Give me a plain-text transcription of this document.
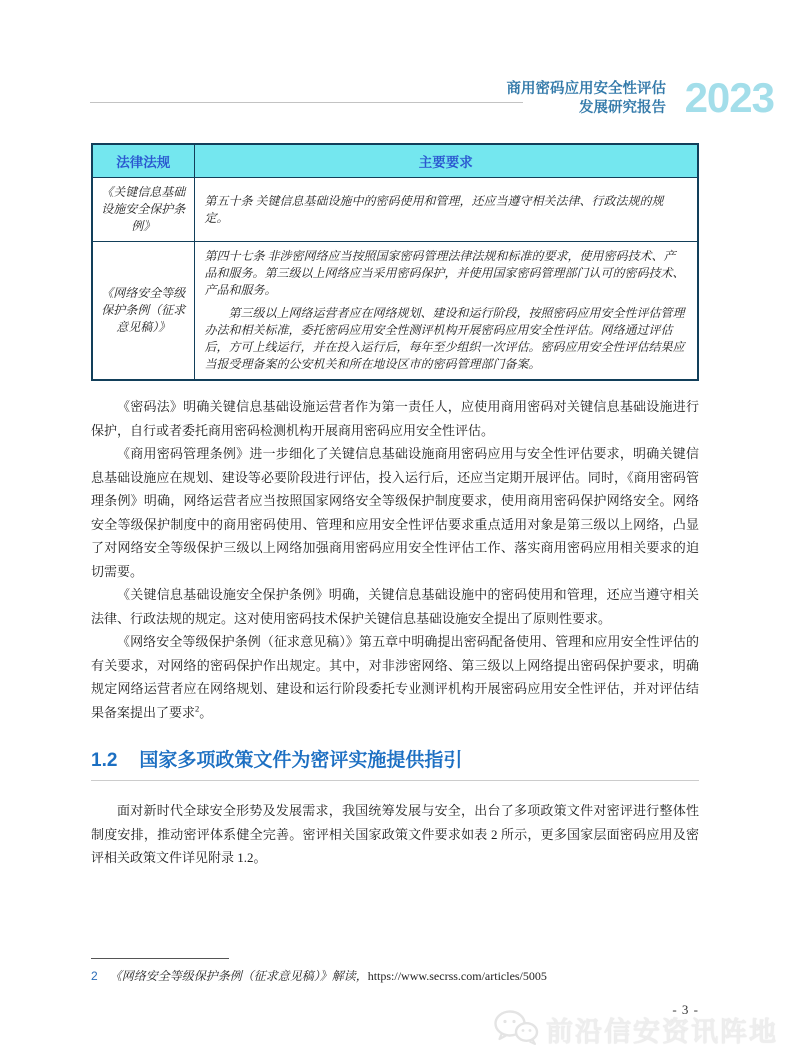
商用密码应用安全性评估
发展研究报告 2023
法律法规	主要要求
《关键信息基础设施安全保护条例》	第五十条 关键信息基础设施中的密码使用和管理，还应当遵守相关法律、行政法规的规定。

《网络安全等级保护条例（征求意见稿）》	第四十七条 非涉密网络应当按照国家密码管理法律法规和标准的要求，使用密码技术、产品和服务。第三级以上网络应当采用密码保护，并使用国家密码管理部门认可的密码技术、产品和服务。

第三级以上网络运营者应在网络规划、建设和运行阶段，按照密码应用安全性评估管理办法和相关标准，委托密码应用安全性测评机构开展密码应用安全性评估。网络通过评估后，方可上线运行，并在投入运行后，每年至少组织一次评估。密码应用安全性评估结果应当报受理备案的公安机关和所在地设区市的密码管理部门备案。

《密码法》明确关键信息基础设施运营者作为第一责任人，应使用商用密码对关键信息基础设施进行保护，自行或者委托商用密码检测机构开展商用密码应用安全性评估。

《商用密码管理条例》进一步细化了关键信息基础设施商用密码应用与安全性评估要求，明确关键信息基础设施应在规划、建设等必要阶段进行评估，投入运行后，还应当定期开展评估。同时，《商用密码管理条例》明确，网络运营者应当按照国家网络安全等级保护制度要求，使用商用密码保护网络安全。网络安全等级保护制度中的商用密码使用、管理和应用安全性评估要求重点适用对象是第三级以上网络，凸显了对网络安全等级保护三级以上网络加强商用密码应用安全性评估工作、落实商用密码应用相关要求的迫切需要。

《关键信息基础设施安全保护条例》明确，关键信息基础设施中的密码使用和管理，还应当遵守相关法律、行政法规的规定。这对使用密码技术保护关键信息基础设施安全提出了原则性要求。

《网络安全等级保护条例（征求意见稿）》第五章中明确提出密码配备使用、管理和应用安全性评估的有关要求，对网络的密码保护作出规定。其中，对非涉密网络、第三级以上网络提出密码保护要求，明确规定网络运营者应在网络规划、建设和运行阶段委托专业测评机构开展密码应用安全性评估，并对评估结果备案提出了要求$^2$。

1.2 国家多项政策文件为密评实施提供指引

面对新时代全球安全形势及发展需求，我国统筹发展与安全，出台了多项政策文件对密评进行整体性制度安排，推动密评体系健全完善。密评相关国家政策文件要求如表 2 所示，更多国家层面密码应用及密评相关政策文件详见附录 1.2。

2 《网络安全等级保护条例（征求意见稿）》解读，https://www.secrss.com/articles/5005
- 3 -
前沿信安资讯阵地
